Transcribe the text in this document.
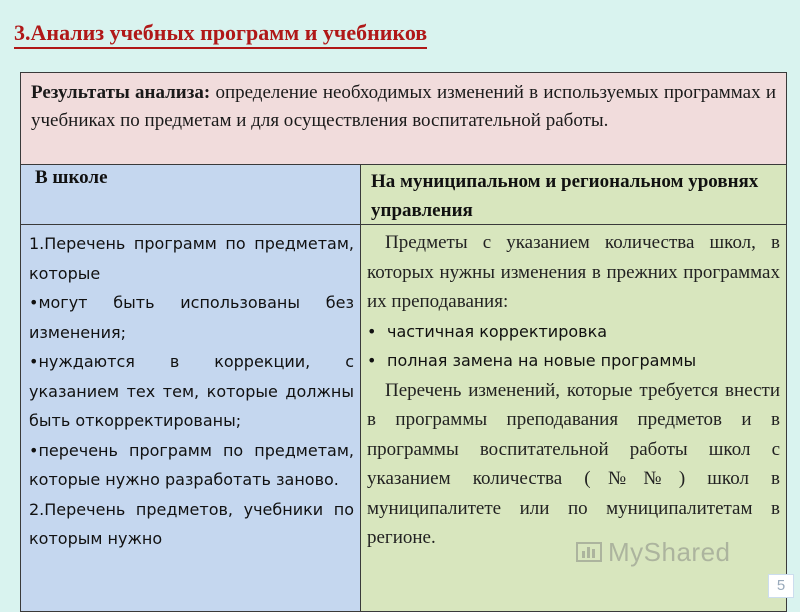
3.Анализ учебных программ и учебников
Результаты анализа: определение необходимых изменений в используемых программах и учебниках по предметам и для осуществления воспитательной работы.
В школе	На муниципальном и региональном уровнях управления

1.Перечень программ по предметам, которые

•могут быть использованы без изменения;

•нуждаются в коррекции, с указанием тех тем, которые должны быть откорректированы;

•перечень программ по предметам, которые нужно разработать заново.

2.Перечень предметов, учебники по которым нужно

Предметы с указанием количества школ, в которых нужны изменения в прежних программах их преподавания:

• частичная корректировка

• полная замена на новые программы

Перечень изменений, которые требуется внести в программы преподавания предметов и в программы воспитательной работы школ с указанием количества (№№) школ в муниципалитете или по муниципалитетам в регионе.	MyShared
5
